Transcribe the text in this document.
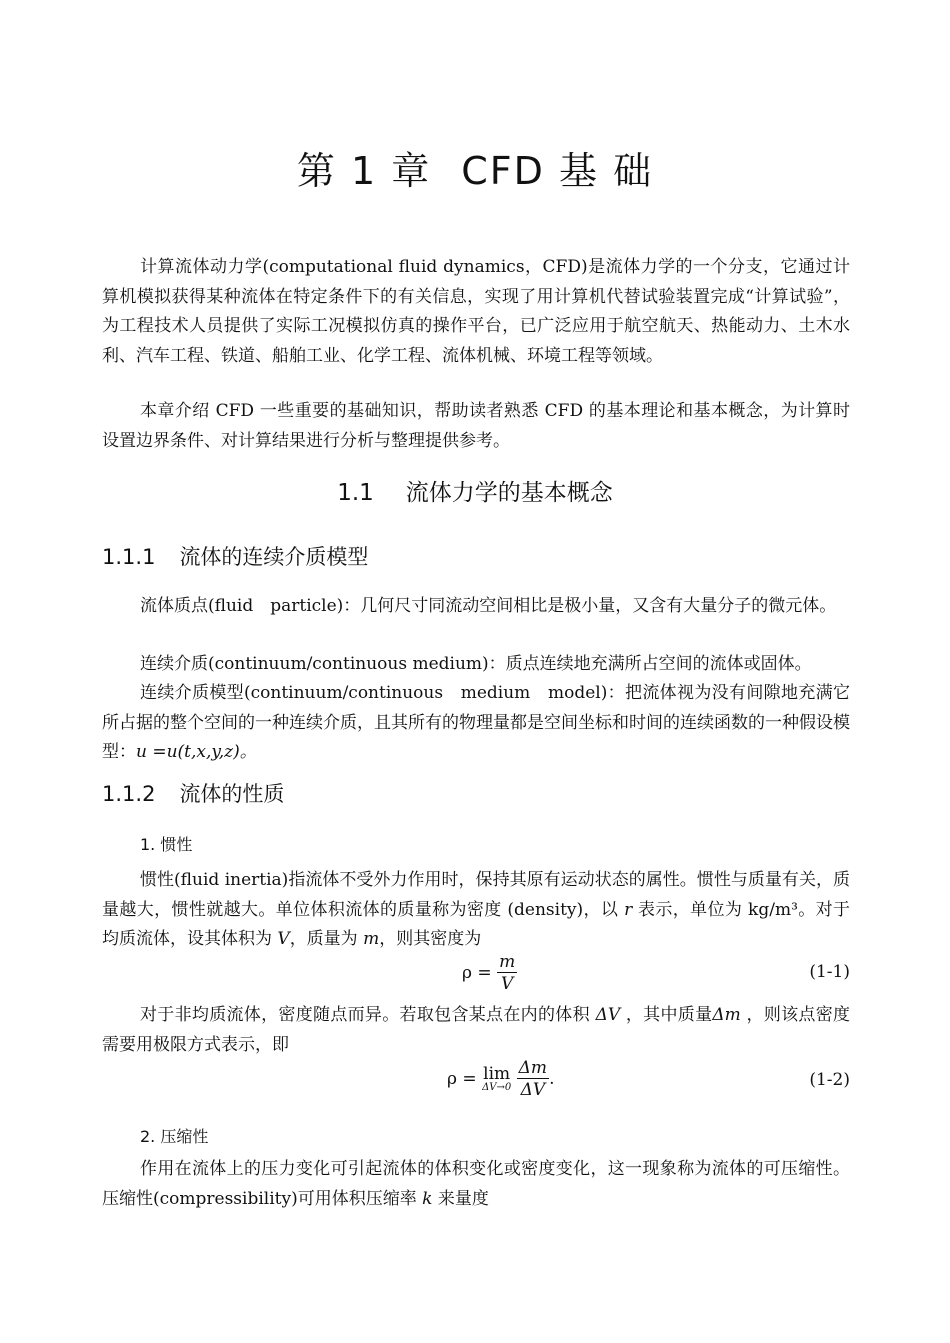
第 1 章 CFD 基 础

计算流体动力学(computational fluid dynamics，CFD)是流体力学的一个分支，它通过计算机模拟获得某种流体在特定条件下的有关信息，实现了用计算机代替试验装置完成“计算试验”，为工程技术人员提供了实际工况模拟仿真的操作平台，已广泛应用于航空航天、热能动力、土木水利、汽车工程、铁道、船舶工业、化学工程、流体机械、环境工程等领域。

本章介绍 CFD 一些重要的基础知识，帮助读者熟悉 CFD 的基本理论和基本概念，为计算时设置边界条件、对计算结果进行分析与整理提供参考。

1.1 流体力学的基本概念
1.1.1 流体的连续介质模型

流体质点(fluid　particle)：几何尺寸同流动空间相比是极小量，又含有大量分子的微元体。

连续介质(continuum/continuous medium)：质点连续地充满所占空间的流体或固体。

连续介质模型(continuum/continuous　medium　model)：把流体视为没有间隙地充满它所占据的整个空间的一种连续介质，且其所有的物理量都是空间坐标和时间的连续函数的一种假设模型：u =u(t,x,y,z)。

1.1.2 流体的性质
1. 惯性

惯性(fluid inertia)指流体不受外力作用时，保持其原有运动状态的属性。惯性与质量有关，质量越大，惯性就越大。单位体积流体的质量称为密度 (density)，以 r 表示，单位为 kg/m³。对于均质流体，设其体积为 V，质量为 m，则其密度为

$\rho = \frac{m}{V}$	(1-1)

对于非均质流体，密度随点而异。若取包含某点在内的体积 ΔV ，其中质量Δm ，则该点密度需要用极限方式表示，即

ρ = lim
ΔV→0
$\frac{\Delta m}{\Delta V}$ .	(1-2)
2. 压缩性

作用在流体上的压力变化可引起流体的体积变化或密度变化，这一现象称为流体的可压缩性。压缩性(compressibility)可用体积压缩率 k 来量度
